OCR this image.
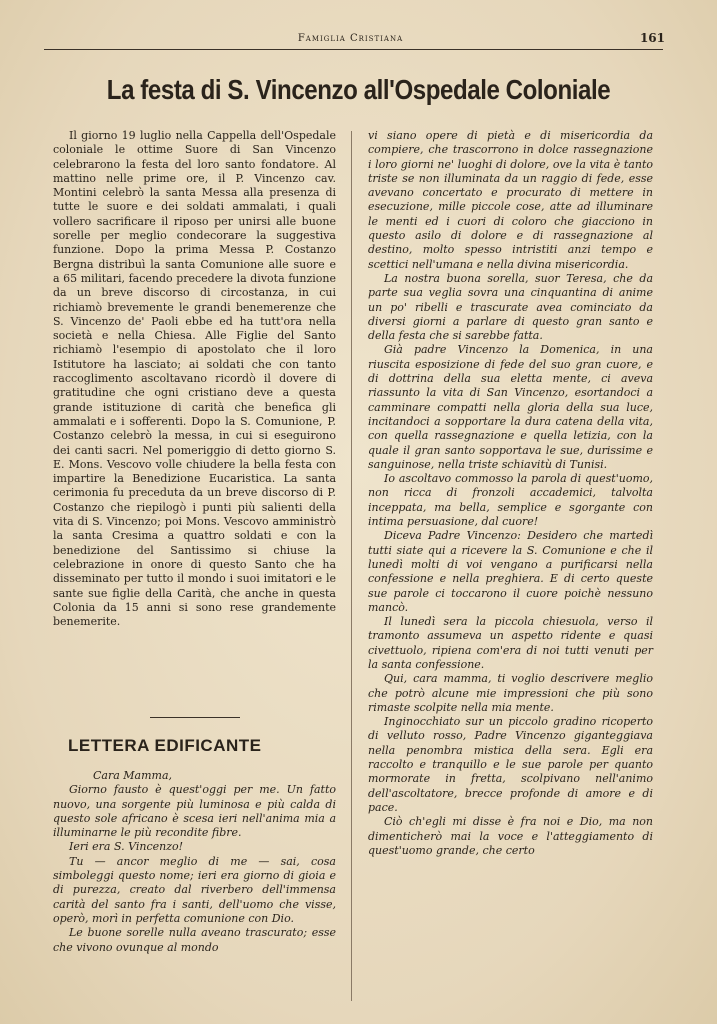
Famiglia Cristiana	161
La festa di S. Vincenzo all'Ospedale Coloniale

Il giorno 19 luglio nella Cappella dell'Ospedale coloniale le ottime Suore di San Vincenzo celebrarono la festa del loro santo fondatore. Al mattino nelle prime ore, il P. Vincenzo cav. Montini celebrò la santa Messa alla presenza di tutte le suore e dei soldati ammalati, i quali vollero sacrificare il riposo per unirsi alle buone sorelle per meglio condecorare la suggestiva funzione. Dopo la prima Messa P. Costanzo Bergna distribuì la santa Comunione alle suore e a 65 militari, facendo precedere la divota funzione da un breve discorso di circostanza, in cui richiamò brevemente le grandi benemerenze che S. Vincenzo de' Paoli ebbe ed ha tutt'ora nella società e nella Chiesa. Alle Figlie del Santo richiamò l'esempio di apostolato che il loro Istitutore ha lasciato; ai soldati che con tanto raccoglimento ascoltavano ricordò il dovere di gratitudine che ogni cristiano deve a questa grande istituzione di carità che benefica gli ammalati e i sofferenti. Dopo la S. Comunione, P. Costanzo celebrò la messa, in cui si eseguirono dei canti sacri. Nel pomeriggio di detto giorno S. E. Mons. Vescovo volle chiudere la bella festa con impartire la Benedizione Eucaristica. La santa cerimonia fu preceduta da un breve discorso di P. Costanzo che riepilogò i punti più salienti della vita di S. Vincenzo; poi Mons. Vescovo amministrò la santa Cresima a quattro soldati e con la benedizione del Santissimo si chiuse la celebrazione in onore di questo Santo che ha disseminato per tutto il mondo i suoi imitatori e le sante sue figlie della Carità, che anche in questa Colonia da 15 anni si sono rese grandemente benemerite.

LETTERA EDIFICANTE

Cara Mamma,

Giorno fausto è quest'oggi per me. Un fatto nuovo, una sorgente più luminosa e più calda di questo sole africano è scesa ieri nell'anima mia a illuminarne le più recondite fibre.

Ieri era S. Vincenzo!

Tu — ancor meglio di me — sai, cosa simboleggi questo nome; ieri era giorno di gioia e di purezza, creato dal riverbero dell'immensa carità del santo fra i santi, dell'uomo che visse, operò, morì in perfetta comunione con Dio.

Le buone sorelle nulla aveano trascurato; esse che vivono ovunque al mondo

vi siano opere di pietà e di misericordia da compiere, che trascorrono in dolce rassegnazione i loro giorni ne' luoghi di dolore, ove la vita è tanto triste se non illuminata da un raggio di fede, esse avevano concertato e procurato di mettere in esecuzione, mille piccole cose, atte ad illuminare le menti ed i cuori di coloro che giacciono in questo asilo di dolore e di rassegnazione al destino, molto spesso intristiti anzi tempo e scettici nell'umana e nella divina misericordia.

La nostra buona sorella, suor Teresa, che da parte sua veglia sovra una cinquantina di anime un po' ribelli e trascurate avea cominciato da diversi giorni a parlare di questo gran santo e della festa che si sarebbe fatta.

Già padre Vincenzo la Domenica, in una riuscita esposizione di fede del suo gran cuore, e di dottrina della sua eletta mente, ci aveva riassunto la vita di San Vincenzo, esortandoci a camminare compatti nella gloria della sua luce, incitandoci a sopportare la dura catena della vita, con quella rassegnazione e quella letizia, con la quale il gran santo sopportava le sue, durissime e sanguinose, nella triste schiavitù di Tunisi.

Io ascoltavo commosso la parola di quest'uomo, non ricca di fronzoli accademici, talvolta inceppata, ma bella, semplice e sgorgante con intima persuasione, dal cuore!

Diceva Padre Vincenzo: Desidero che martedì tutti siate qui a ricevere la S. Comunione e che il lunedì molti di voi vengano a purificarsi nella confessione e nella preghiera. E di certo queste sue parole ci toccarono il cuore poichè nessuno mancò.

Il lunedì sera la piccola chiesuola, verso il tramonto assumeva un aspetto ridente e quasi civettuolo, ripiena com'era di noi tutti venuti per la santa confessione.

Qui, cara mamma, ti voglio descrivere meglio che potrò alcune mie impressioni che più sono rimaste scolpite nella mia mente.

Inginocchiato sur un piccolo gradino ricoperto di velluto rosso, Padre Vincenzo giganteggiava nella penombra mistica della sera. Egli era raccolto e tranquillo e le sue parole per quanto mormorate in fretta, scolpivano nell'animo dell'ascoltatore, brecce profonde di amore e di pace.

Ciò ch'egli mi disse è fra noi e Dio, ma non dimenticherò mai la voce e l'atteggiamento di quest'uomo grande, che certo
